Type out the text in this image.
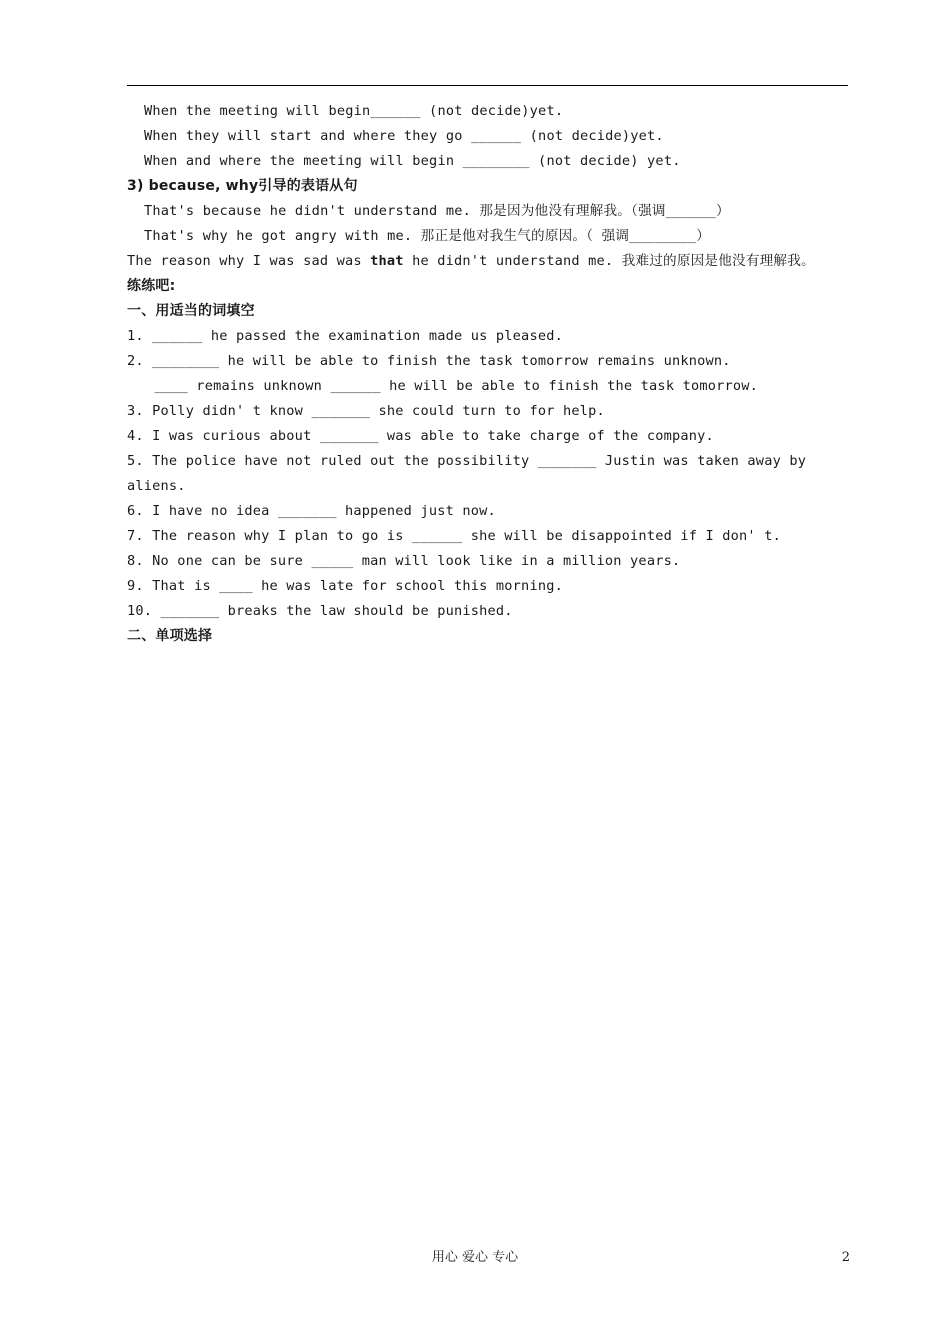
When the meeting will begin______ (not decide)yet.
When they will start and where they go ______ (not decide)yet.
When and where the meeting will begin ________ (not decide) yet.
3) because, why引导的表语从句
That's because he didn't understand me. 那是因为他没有理解我。（强调______）
That's why he got angry with me. 那正是他对我生气的原因。（ 强调________）
The reason why I was sad was that he didn't understand me. 我难过的原因是他没有理解我。
练练吧:
一、用适当的词填空
1. ______ he passed the examination made us pleased.
2. ________ he will be able to finish the task tomorrow remains unknown.
____ remains unknown ______ he will be able to finish the task tomorrow.
3. Polly didn' t know _______ she could turn to for help.
4. I was curious about _______ was able to take charge of the company.
5. The police have not ruled out the possibility _______ Justin was taken away by
aliens.
6. I have no idea _______ happened just now.
7. The reason why I plan to go is ______ she will be disappointed if I don' t.
8. No one can be sure _____ man will look like in a million years.
9. That is ____ he was late for school this morning.
10. _______ breaks the law should be punished.
二、单项选择
用心 爱心 专心	2
